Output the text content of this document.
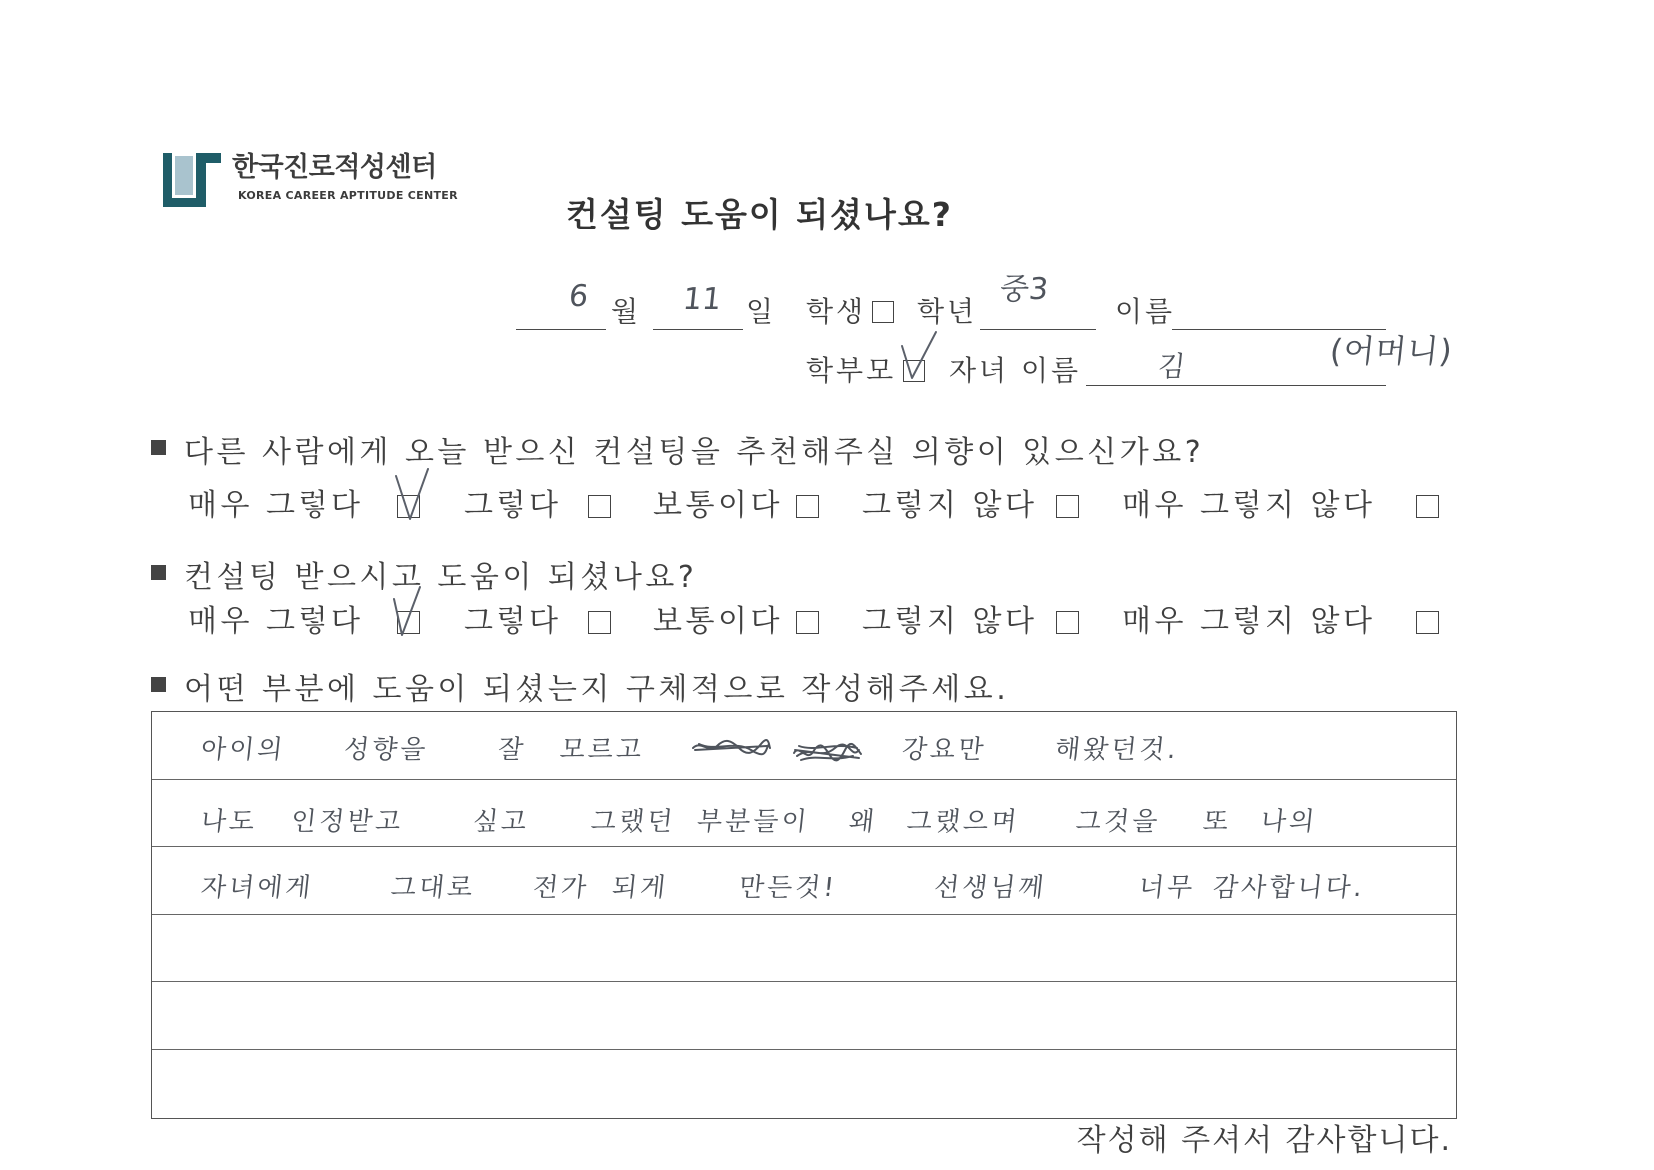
한국진로적성센터
KOREA CAREER APTITUDE CENTER	컨설팅 도움이 되셨나요?
6 월 11 일 학생 학년
중3
이름
학부모 자녀 이름	김	(어머니)
다른 사람에게 오늘 받으신 컨설팅을 추천해주실 의향이 있으신가요?
매우 그렇다	그렇다	보통이다	그렇지 않다	매우 그렇지 않다
컨설팅 받으시고 도움이 되셨나요?
매우 그렇다	그렇다	보통이다	그렇지 않다	매우 그렇지 않다
어떤 부분에 도움이 되셨는지 구체적으로 작성해주세요.
아이의 성향을	잘 모르고	강요만	해왔던것.
나도 인정받고	싶고 그랬던 부분들이 왜 그랬으며 그것을 또 나의
자녀에게	그대로 전가 되게	만든것!	선생님께	너무 감사합니다.
작성해 주셔서 감사합니다.
